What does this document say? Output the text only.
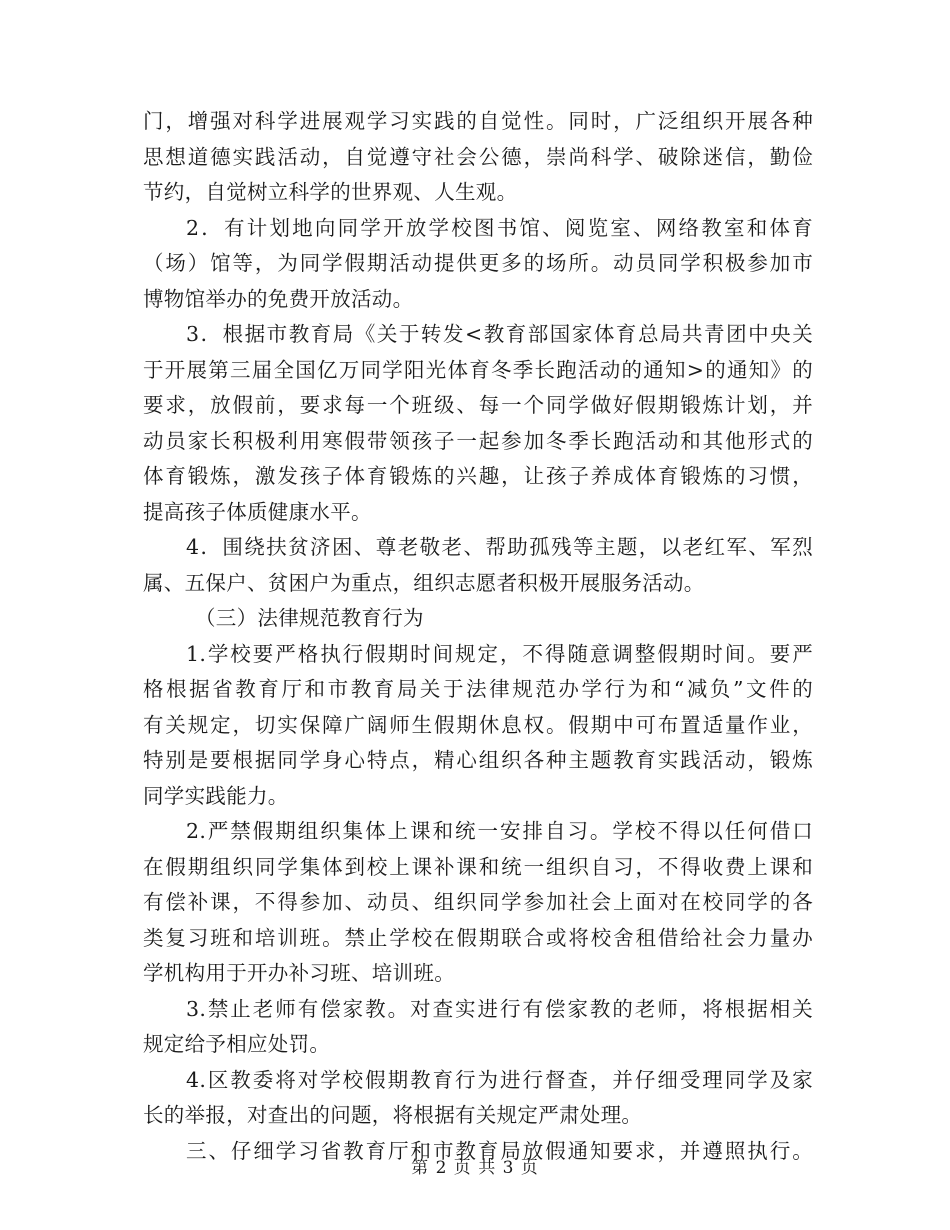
门，增强对科学进展观学习实践的自觉性。同时，广泛组织开展各种
思想道德实践活动，自觉遵守社会公德，崇尚科学、破除迷信，勤俭
节约，自觉树立科学的世界观、人生观。
2．有计划地向同学开放学校图书馆、阅览室、网络教室和体育
（场）馆等，为同学假期活动提供更多的场所。动员同学积极参加市
博物馆举办的免费开放活动。
3．根据市教育局《关于转发<教育部国家体育总局共青团中央关
于开展第三届全国亿万同学阳光体育冬季长跑活动的通知>的通知》的
要求，放假前，要求每一个班级、每一个同学做好假期锻炼计划，并
动员家长积极利用寒假带领孩子一起参加冬季长跑活动和其他形式的
体育锻炼，激发孩子体育锻炼的兴趣，让孩子养成体育锻炼的习惯，
提高孩子体质健康水平。
4．围绕扶贫济困、尊老敬老、帮助孤残等主题，以老红军、军烈
属、五保户、贫困户为重点，组织志愿者积极开展服务活动。
（三）法律规范教育行为
1.学校要严格执行假期时间规定，不得随意调整假期时间。要严
格根据省教育厅和市教育局关于法律规范办学行为和“减负”文件的
有关规定，切实保障广阔师生假期休息权。假期中可布置适量作业，
特别是要根据同学身心特点，精心组织各种主题教育实践活动，锻炼
同学实践能力。
2.严禁假期组织集体上课和统一安排自习。学校不得以任何借口
在假期组织同学集体到校上课补课和统一组织自习，不得收费上课和
有偿补课，不得参加、动员、组织同学参加社会上面对在校同学的各
类复习班和培训班。禁止学校在假期联合或将校舍租借给社会力量办
学机构用于开办补习班、培训班。
3.禁止老师有偿家教。对查实进行有偿家教的老师，将根据相关
规定给予相应处罚。
4.区教委将对学校假期教育行为进行督查，并仔细受理同学及家
长的举报，对查出的问题，将根据有关规定严肃处理。
三、仔细学习省教育厅和市教育局放假通知要求，并遵照执行。
第 2 页 共 3 页
